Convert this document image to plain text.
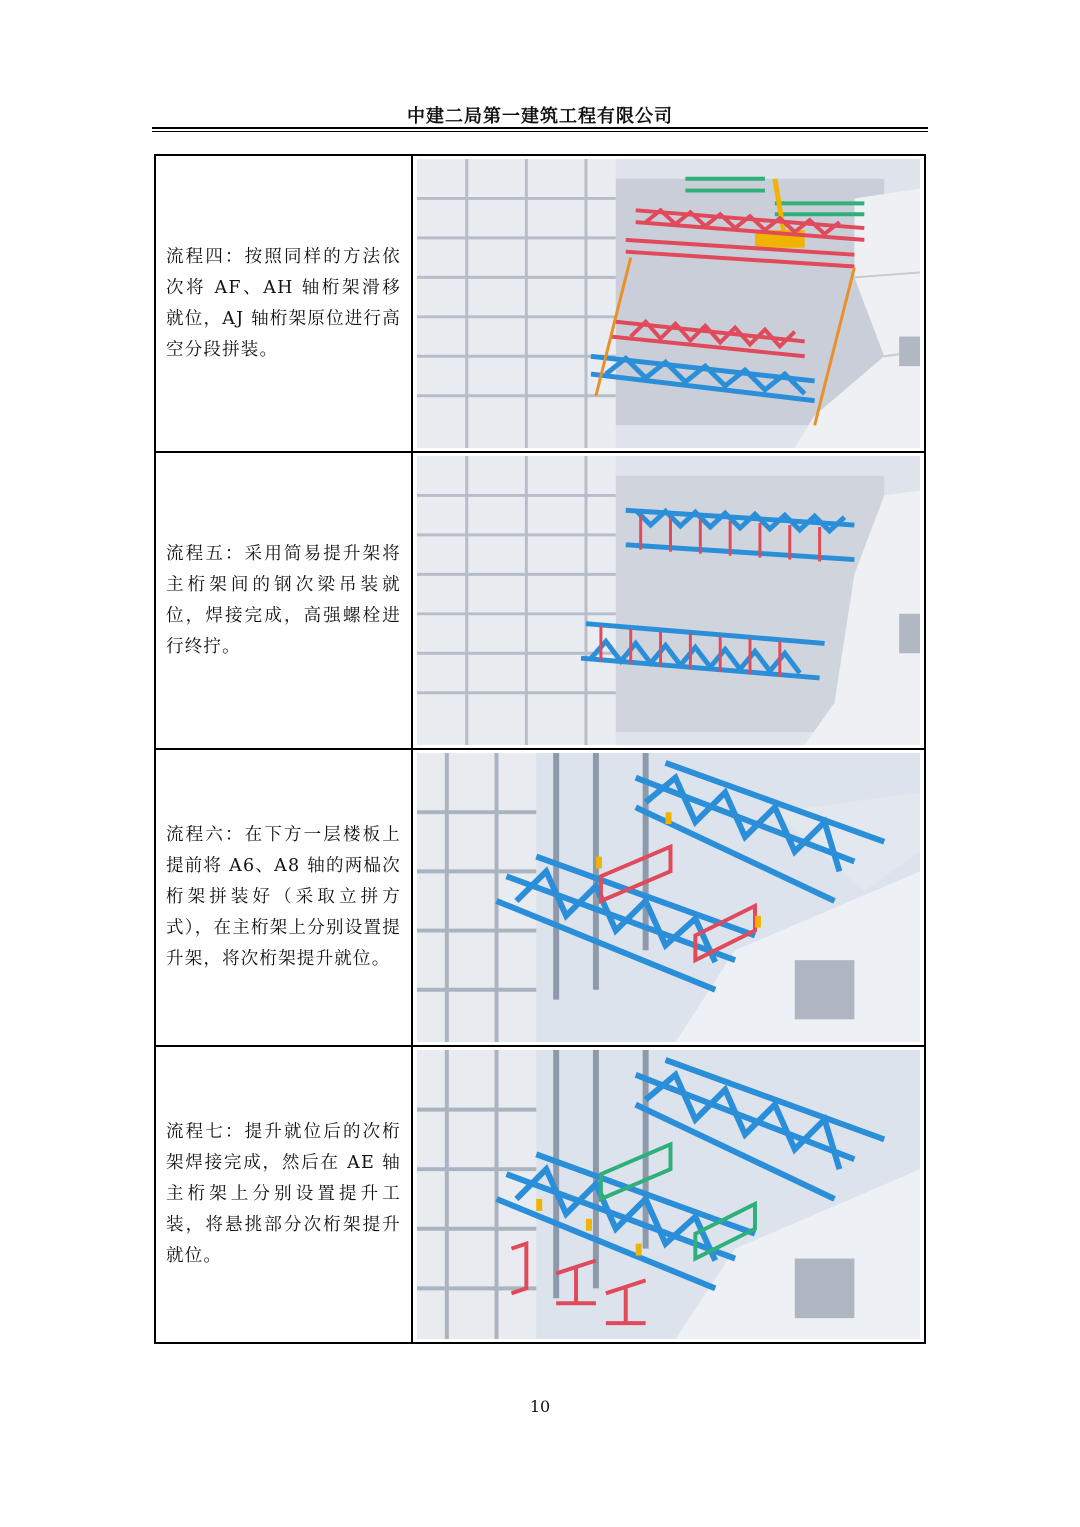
中建二局第一建筑工程有限公司

流程四：按照同样的方法依次将 AF、AH 轴桁架滑移就位，AJ 轴桁架原位进行高空分段拼装。

流程五：采用简易提升架将主桁架间的钢次梁吊装就位，焊接完成，高强螺栓进行终拧。

流程六：在下方一层楼板上提前将 A6、A8 轴的两榀次桁架拼装好（采取立拼方式），在主桁架上分别设置提升架，将次桁架提升就位。

流程七：提升就位后的次桁架焊接完成，然后在 AE 轴主桁架上分别设置提升工装，将悬挑部分次桁架提升就位。

10
